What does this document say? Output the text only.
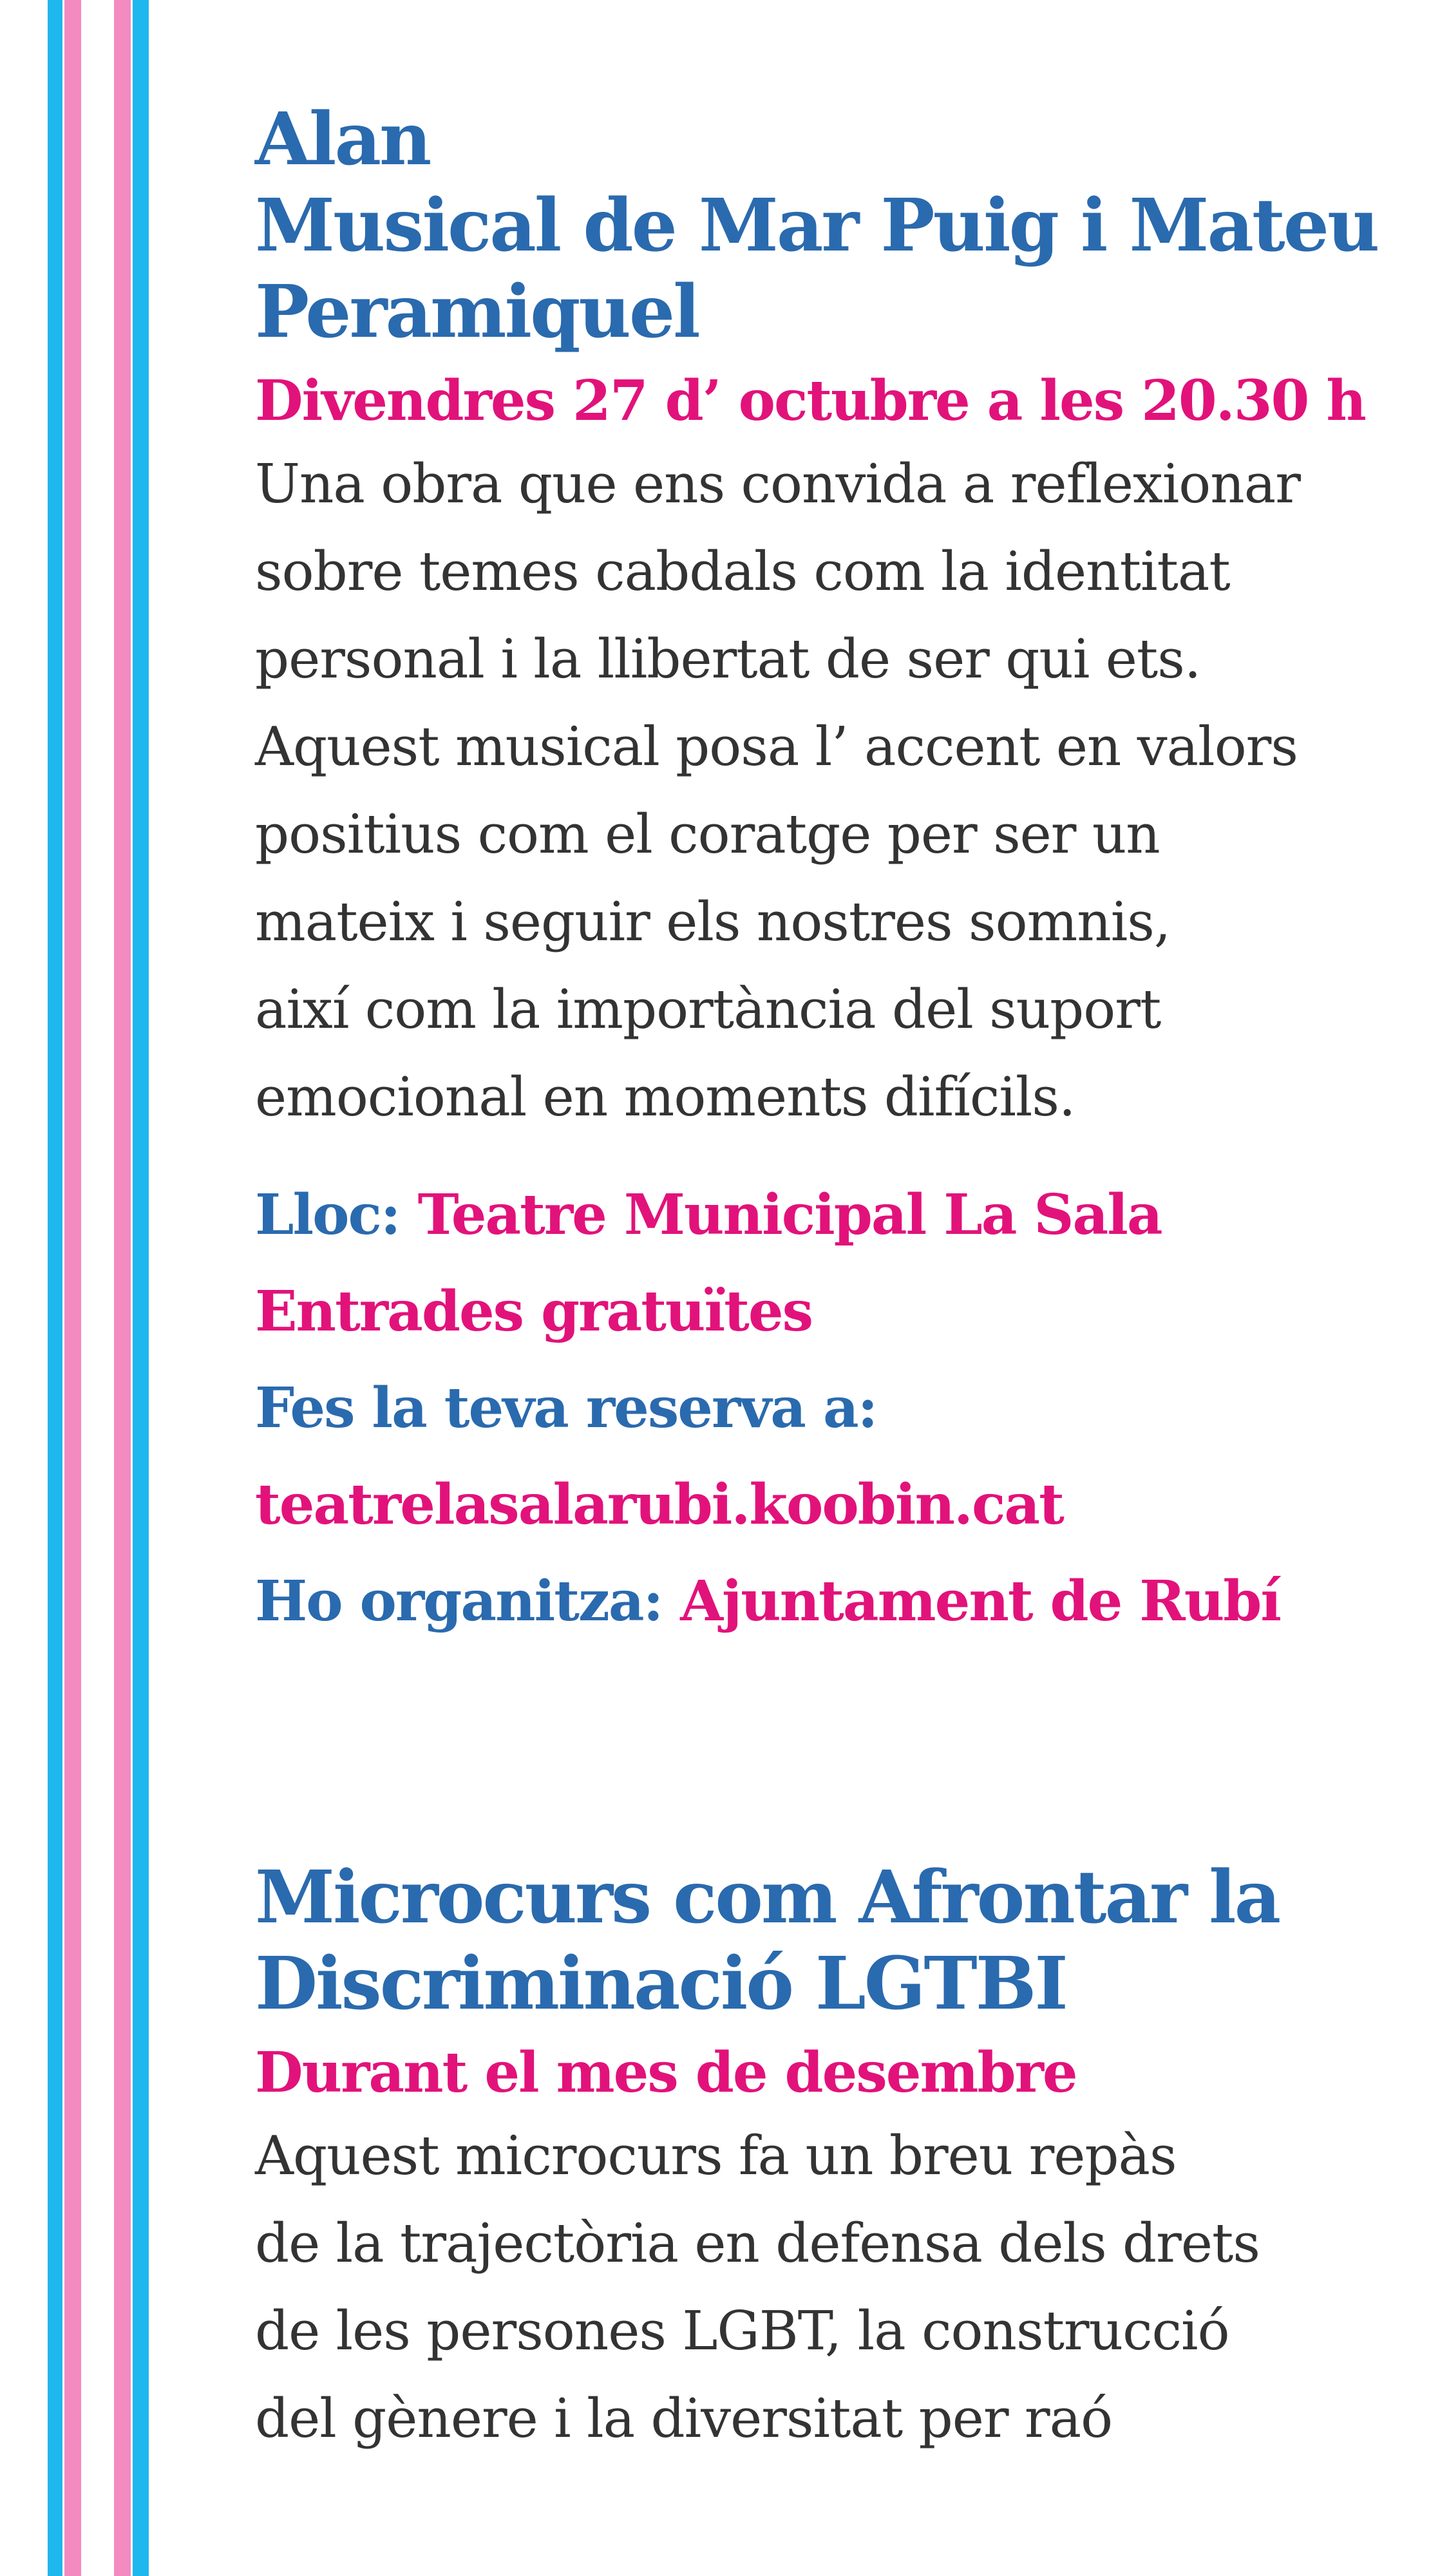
Alan
Musical de Mar Puig i Mateu
Peramiquel
Divendres 27 d’ octubre a les 20.30 h

Una obra que ens convida a reflexionar
sobre temes cabdals com la identitat
personal i la llibertat de ser qui ets.
Aquest musical posa l’ accent en valors
positius com el coratge per ser un
mateix i seguir els nostres somnis,
així com la importància del suport
emocional en moments difícils.

Lloc: Teatre Municipal La Sala
Entrades gratuïtes
Fes la teva reserva a:
teatrelasalarubi.koobin.cat
Ho organitza: Ajuntament de Rubí
Microcurs com Afrontar la
Discriminació LGTBI
Durant el mes de desembre

Aquest microcurs fa un breu repàs
de la trajectòria en defensa dels drets
de les persones LGBT, la construcció
del gènere i la diversitat per raó
